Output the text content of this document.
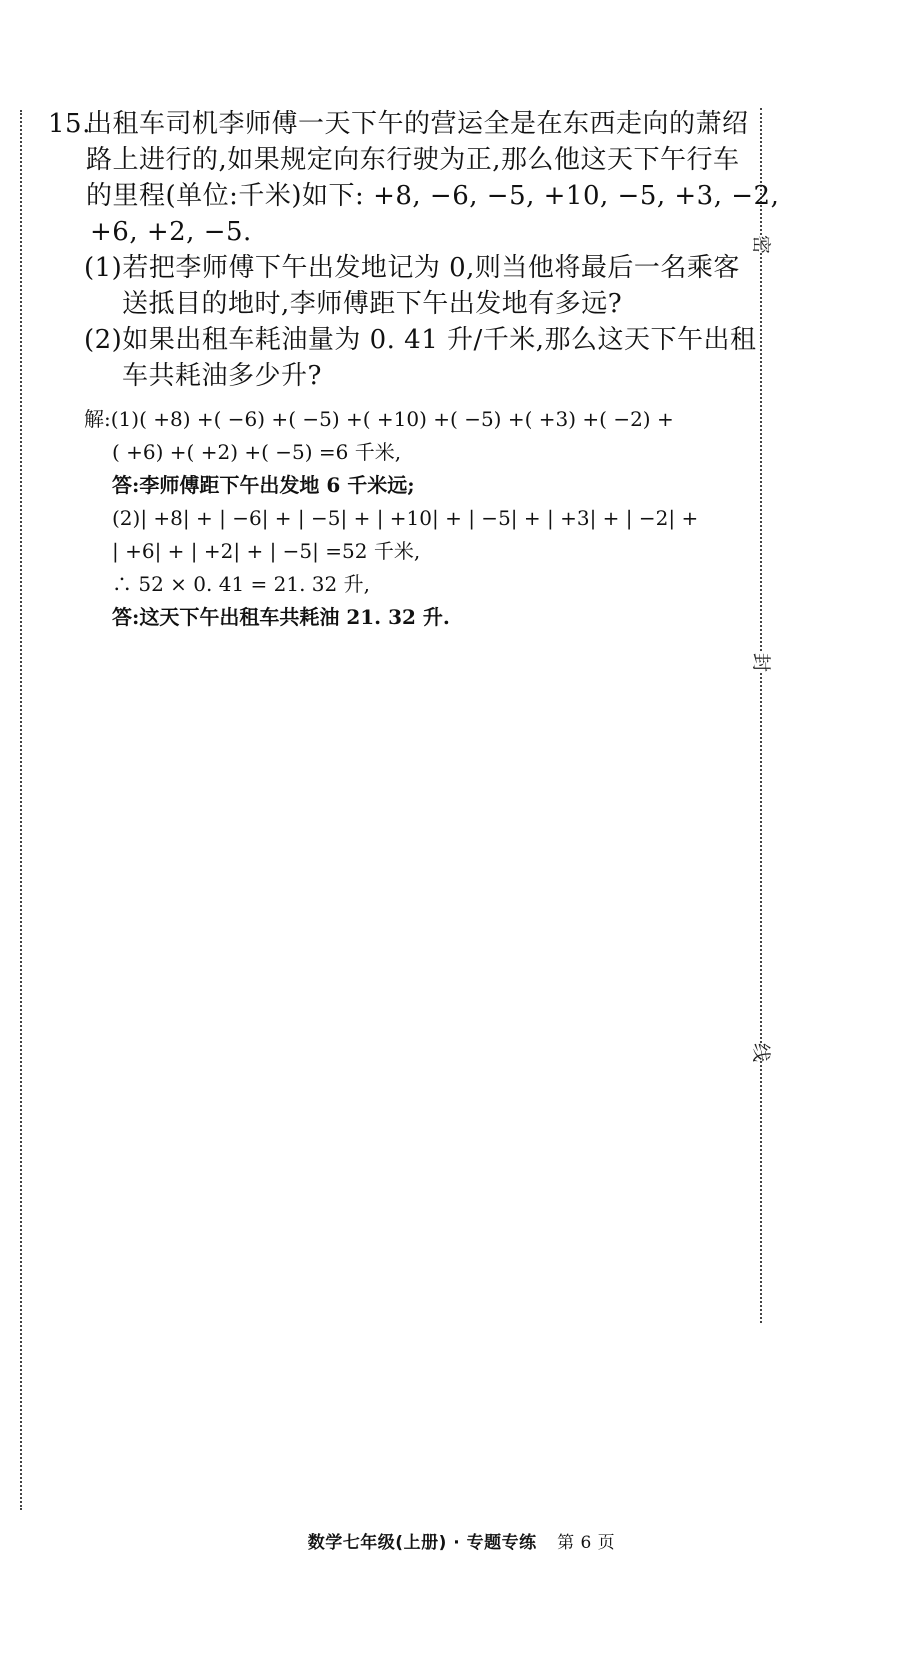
密
封
线
15.
出租车司机李师傅一天下午的营运全是在东西走向的萧绍
路上进行的,如果规定向东行驶为正,那么他这天下午行车
的里程(单位:千米)如下: +8, −6, −5, +10, −5, +3, −2,
+6, +2, −5.
(1)若把李师傅下午出发地记为 0,则当他将最后一名乘客
送抵目的地时,李师傅距下午出发地有多远?
(2)如果出租车耗油量为 0. 41 升/千米,那么这天下午出租
车共耗油多少升?
解:(1)( +8) +( −6) +( −5) +( +10) +( −5) +( +3) +( −2) +
( +6) +( +2) +( −5) =6 千米,
答:李师傅距下午出发地 6 千米远;
(2)| +8| + | −6| + | −5| + | +10| + | −5| + | +3| + | −2| +
| +6| + | +2| + | −5| =52 千米,
∴ 52 × 0. 41 = 21. 32 升,
答:这天下午出租车共耗油 21. 32 升.
数学七年级(上册) · 专题专练 第 6 页
